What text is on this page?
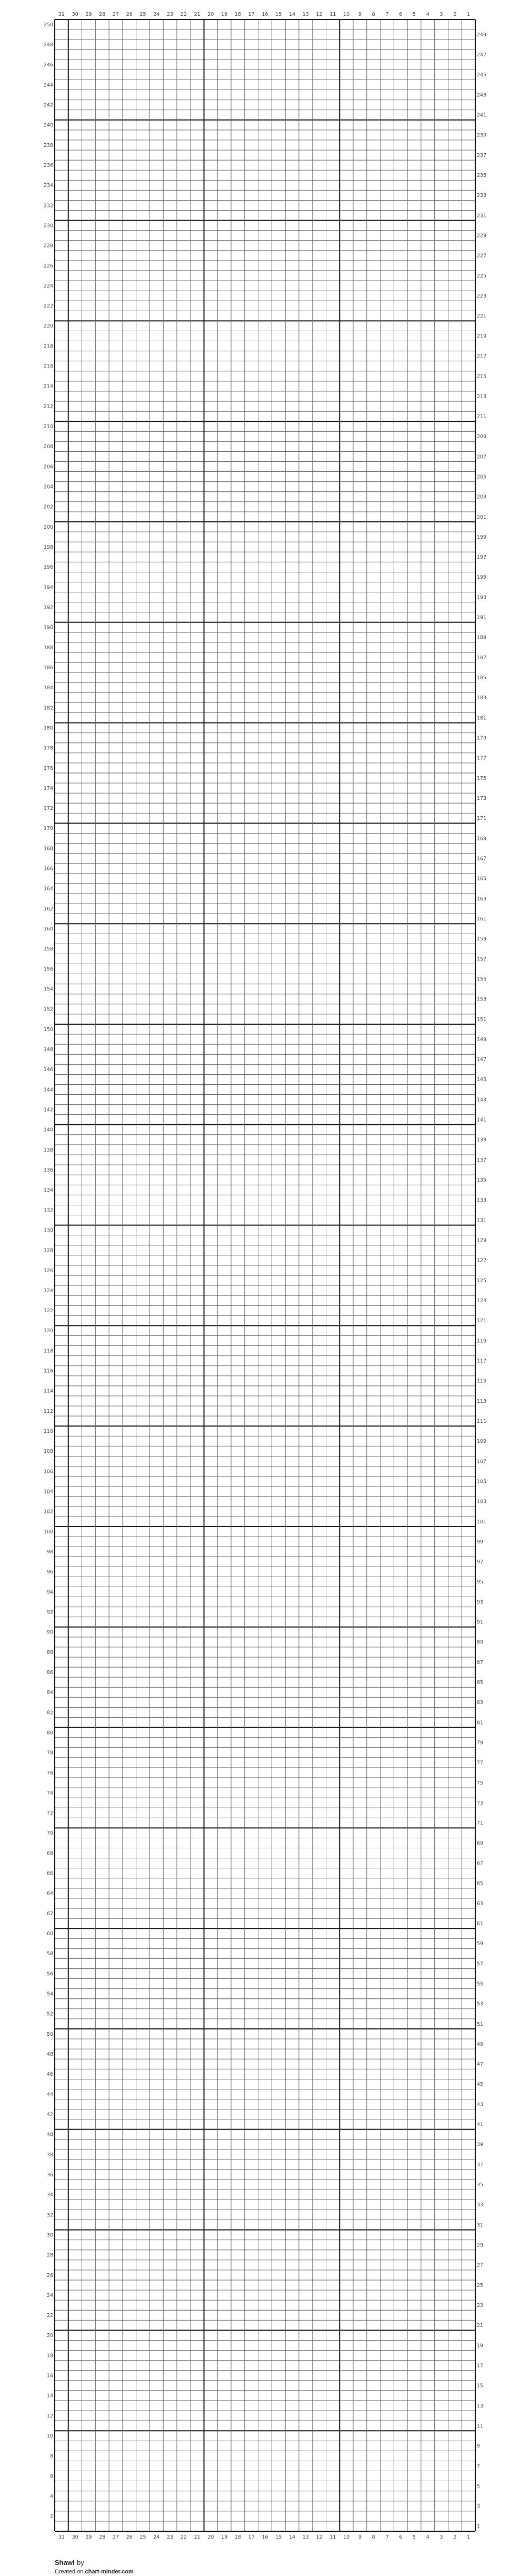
1
1
2
2
3
3
4
4
5
5
6
6
7
7
8
8
9
9
10
10
11
11
12
12
13
13
14
14
15
15
16
16
17
17
18
18
19
19
20
20
21
21
22
22
23
23
24
24
25
25
26
26
27
27
28
28
29
29
30
30
31
31
1
2
3
4
5
6
7
8
9
10
11
12
13
14
15
16
17
18
19
20
21
22
23
24
25
26
27
28
29
30
31
32
33
34
35
36
37
38
39
40
41
42
43
44
45
46
47
48
49
50
51
52
53
54
55
56
57
58
59
60
61
62
63
64
65
66
67
68
69
70
71
72
73
74
75
76
77
78
79
80
81
82
83
84
85
86
87
88
89
90
91
92
93
94
95
96
97
98
99
100
101
102
103
104
105
106
107
108
109
110
111
112
113
114
115
116
117
118
119
120
121
122
123
124
125
126
127
128
129
130
131
132
133
134
135
136
137
138
139
140
141
142
143
144
145
146
147
148
149
150
151
152
153
154
155
156
157
158
159
160
161
162
163
164
165
166
167
168
169
170
171
172
173
174
175
176
177
178
179
180
181
182
183
184
185
186
187
188
189
190
191
192
193
194
195
196
197
198
199
200
201
202
203
204
205
206
207
208
209
210
211
212
213
214
215
216
217
218
219
220
221
222
223
224
225
226
227
228
229
230
231
232
233
234
235
236
237
238
239
240
241
242
243
244
245
246
247
248
249
250
Shawl by
Created on chart-minder.com
